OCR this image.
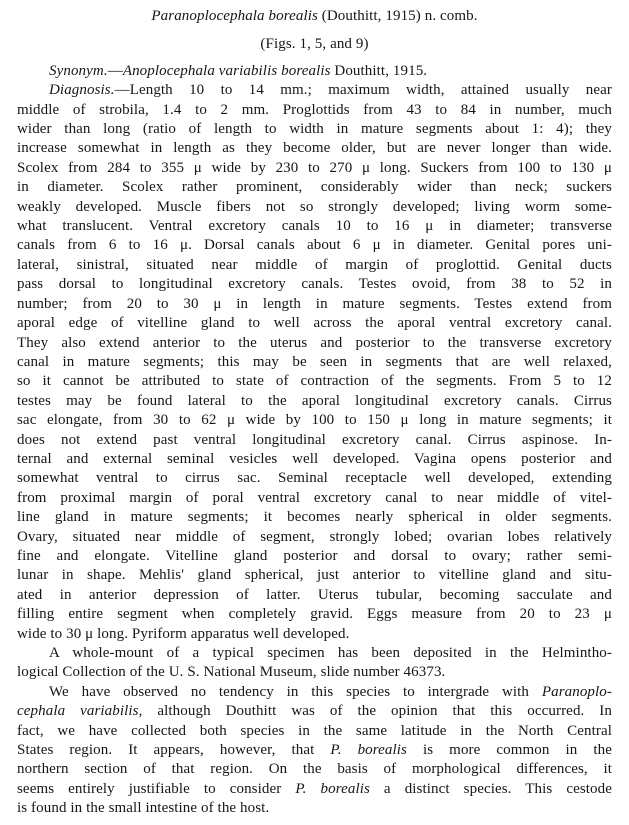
Paranoplocephala borealis (Douthitt, 1915) n. comb.
(Figs. 1, 5, and 9)
Synonym.—Anoplocephala variabilis borealis Douthitt, 1915.
Diagnosis.—Length 10 to 14 mm.; maximum width, attained usually near
middle of strobila, 1.4 to 2 mm. Proglottids from 43 to 84 in number, much
wider than long (ratio of length to width in mature segments about 1: 4); they
increase somewhat in length as they become older, but are never longer than wide.
Scolex from 284 to 355 μ wide by 230 to 270 μ long. Suckers from 100 to 130 μ
in diameter. Scolex rather prominent, considerably wider than neck; suckers
weakly developed. Muscle fibers not so strongly developed; living worm some-
what translucent. Ventral excretory canals 10 to 16 μ in diameter; transverse
canals from 6 to 16 μ. Dorsal canals about 6 μ in diameter. Genital pores uni-
lateral, sinistral, situated near middle of margin of proglottid. Genital ducts
pass dorsal to longitudinal excretory canals. Testes ovoid, from 38 to 52 in
number; from 20 to 30 μ in length in mature segments. Testes extend from
aporal edge of vitelline gland to well across the aporal ventral excretory canal.
They also extend anterior to the uterus and posterior to the transverse excretory
canal in mature segments; this may be seen in segments that are well relaxed,
so it cannot be attributed to state of contraction of the segments. From 5 to 12
testes may be found lateral to the aporal longitudinal excretory canals. Cirrus
sac elongate, from 30 to 62 μ wide by 100 to 150 μ long in mature segments; it
does not extend past ventral longitudinal excretory canal. Cirrus aspinose. In-
ternal and external seminal vesicles well developed. Vagina opens posterior and
somewhat ventral to cirrus sac. Seminal receptacle well developed, extending
from proximal margin of poral ventral excretory canal to near middle of vitel-
line gland in mature segments; it becomes nearly spherical in older segments.
Ovary, situated near middle of segment, strongly lobed; ovarian lobes relatively
fine and elongate. Vitelline gland posterior and dorsal to ovary; rather semi-
lunar in shape. Mehlis' gland spherical, just anterior to vitelline gland and situ-
ated in anterior depression of latter. Uterus tubular, becoming sacculate and
filling entire segment when completely gravid. Eggs measure from 20 to 23 μ
wide to 30 μ long. Pyriform apparatus well developed.
A whole-mount of a typical specimen has been deposited in the Helmintho-
logical Collection of the U. S. National Museum, slide number 46373.
We have observed no tendency in this species to intergrade with Paranoplo-
cephala variabilis, although Douthitt was of the opinion that this occurred. In
fact, we have collected both species in the same latitude in the North Central
States region. It appears, however, that P. borealis is more common in the
northern section of that region. On the basis of morphological differences, it
seems entirely justifiable to consider P. borealis a distinct species. This cestode
is found in the small intestine of the host.
